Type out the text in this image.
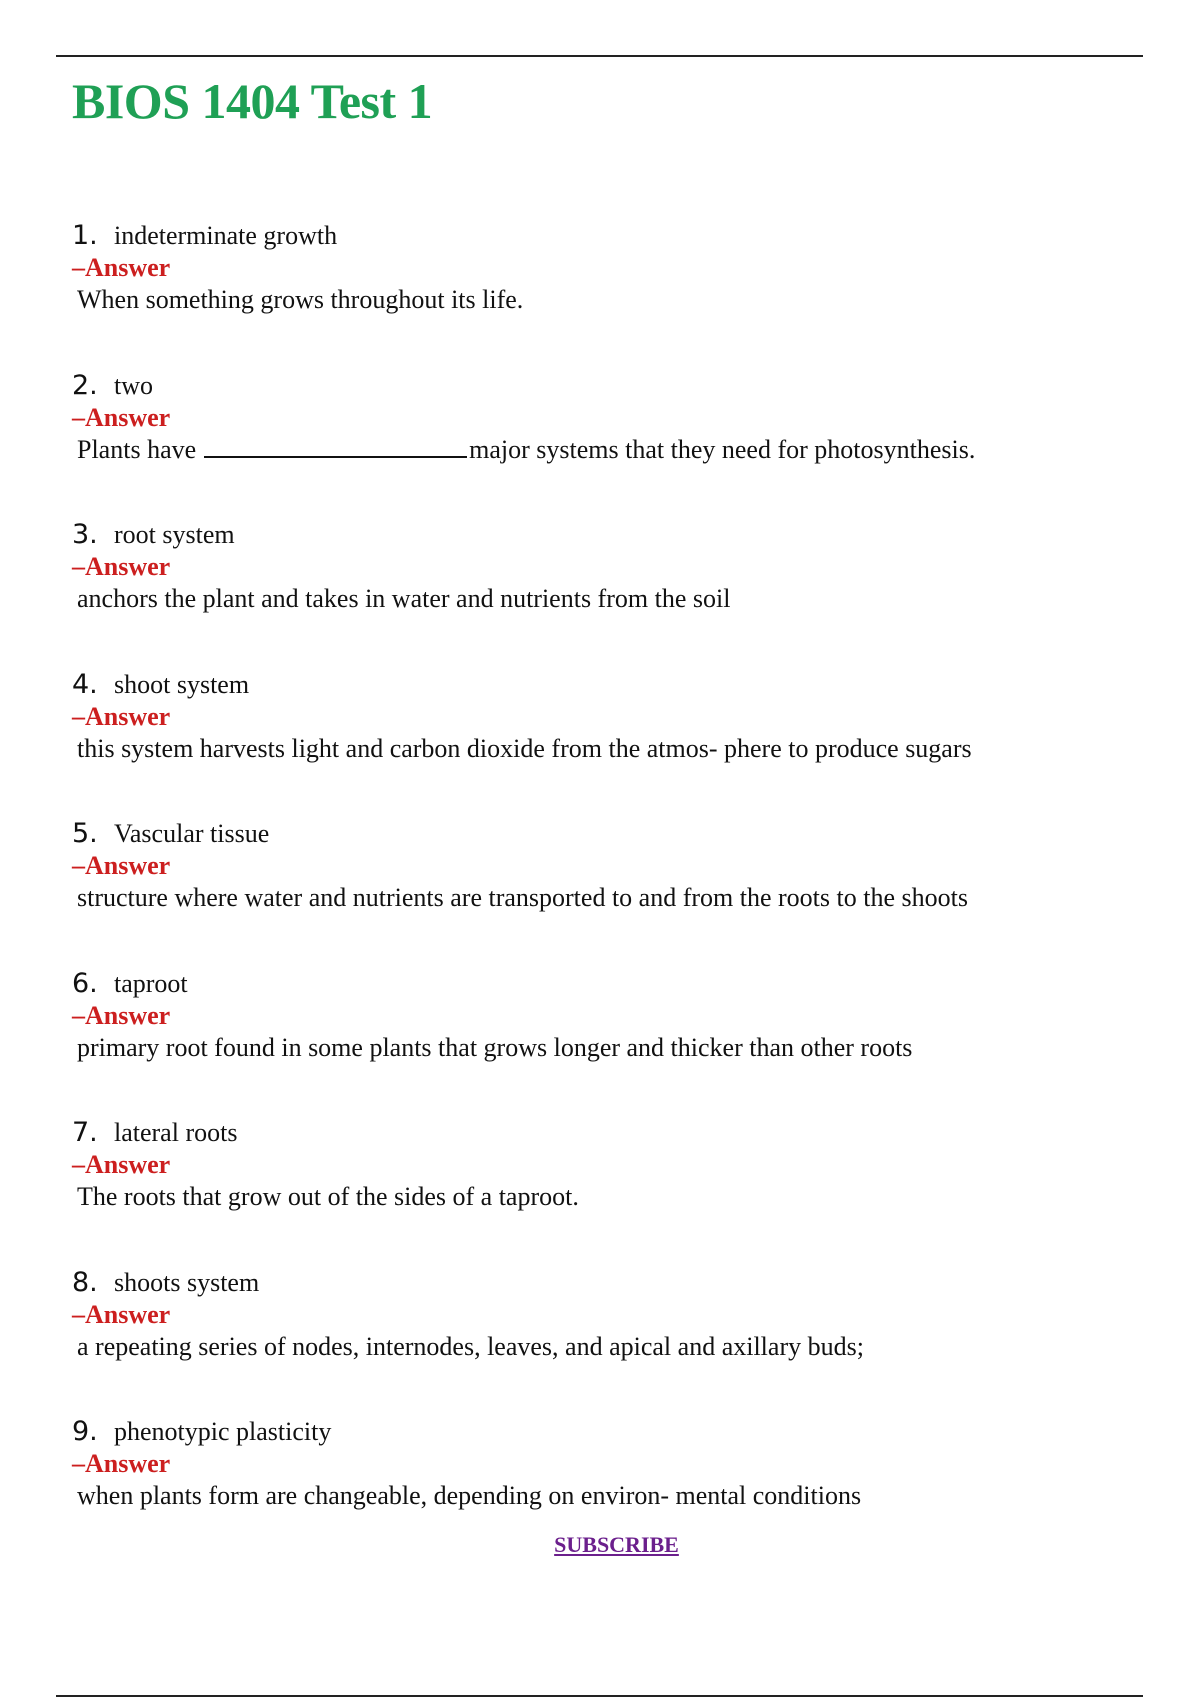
BIOS 1404 Test 1
1. indeterminate growth
–Answer
When something grows throughout its life.
2. two
–Answer
Plants have	major systems that they need for photosynthesis.
3. root system
–Answer
anchors the plant and takes in water and nutrients from the soil
4. shoot system
–Answer
this system harvests light and carbon dioxide from the atmos- phere to produce sugars
5. Vascular tissue
–Answer
structure where water and nutrients are transported to and from the roots to the shoots
6. taproot
–Answer
primary root found in some plants that grows longer and thicker than other roots
7. lateral roots
–Answer
The roots that grow out of the sides of a taproot.
8. shoots system
–Answer
a repeating series of nodes, internodes, leaves, and apical and axillary buds;
9. phenotypic plasticity
–Answer
when plants form are changeable, depending on environ- mental conditions
SUBSCRIBE
